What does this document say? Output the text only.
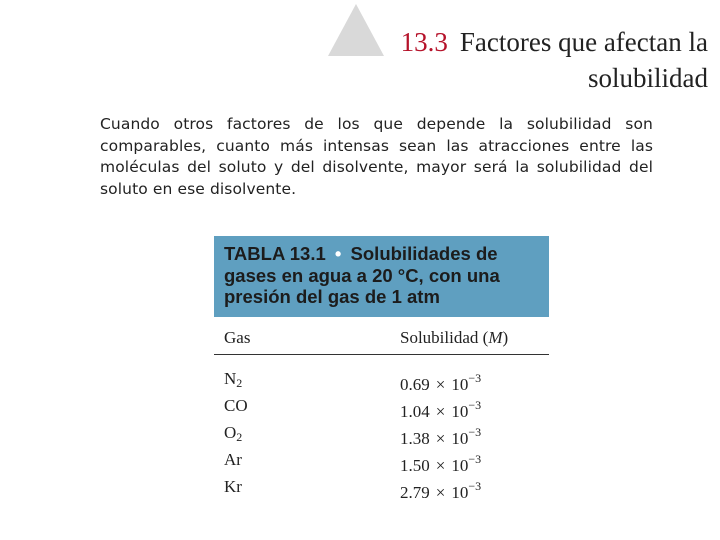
13.3 Factores que afectan la
solubilidad
Cuando otros factores de los que depende la solubilidad son comparables, cuanto más intensas sean las atracciones entre las moléculas del soluto y del disolvente, mayor será la solubilidad del soluto en ese disolvente.
TABLA 13.1 • Solubilidades de
gases en agua a 20 °C, con una
presión del gas de 1 atm
Gas	Solubilidad (M)
$N_2$	$0.69 \times 10^{-3}$
CO	$1.04 \times 10^{-3}$
$O_2$	$1.38 \times 10^{-3}$
Ar	$1.50 \times 10^{-3}$
Kr	$2.79 \times 10^{-3}$
